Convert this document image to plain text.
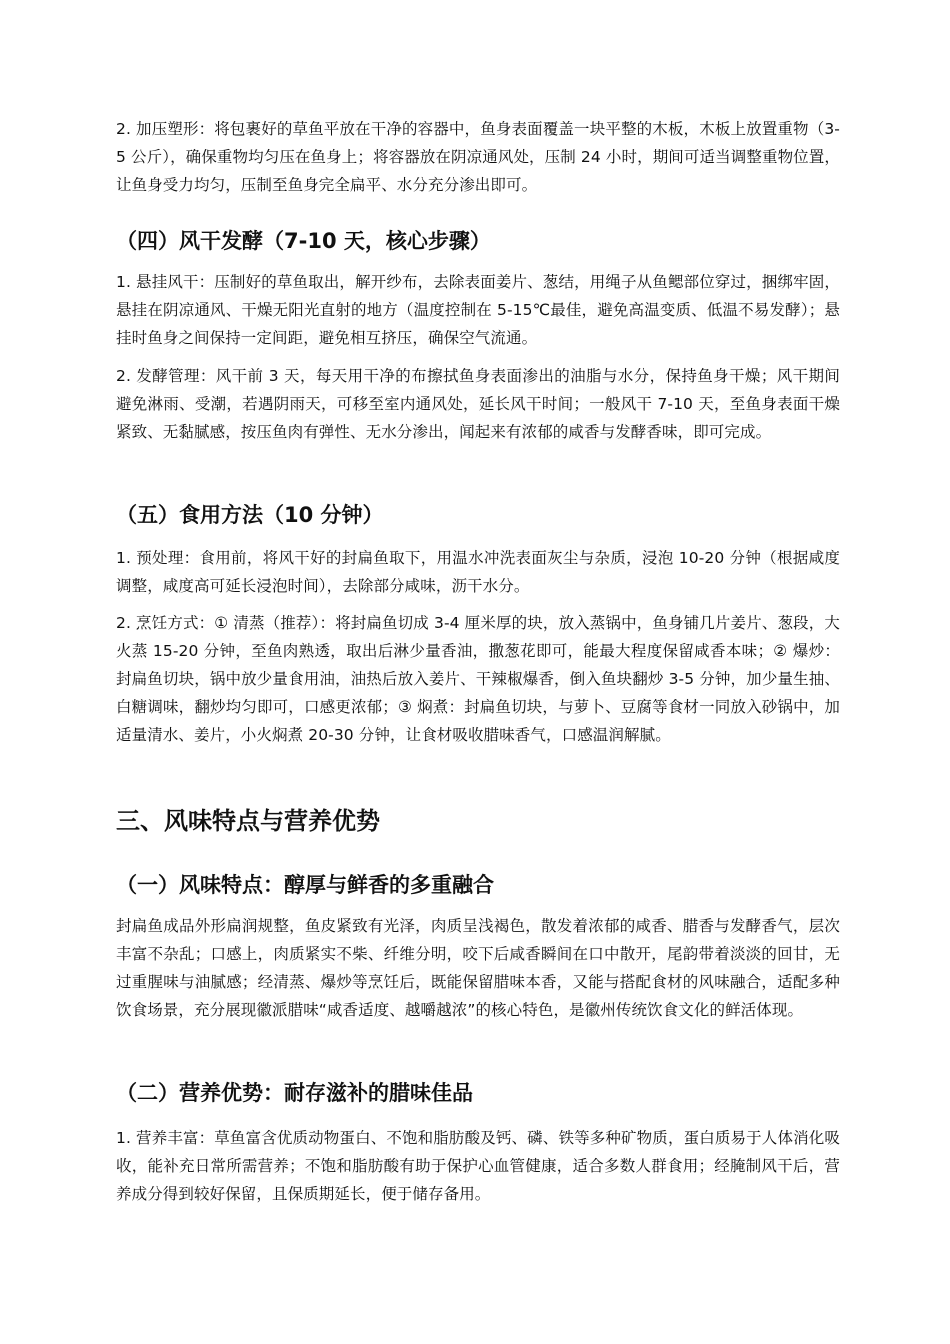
2. 加压塑形：将包裹好的草鱼平放在干净的容器中，鱼身表面覆盖一块平整的木板，木板上放置重物（3-5 公斤），确保重物均匀压在鱼身上；将容器放在阴凉通风处，压制 24 小时，期间可适当调整重物位置，让鱼身受力均匀，压制至鱼身完全扁平、水分充分渗出即可。

（四）风干发酵（7-10 天，核心步骤）

1. 悬挂风干：压制好的草鱼取出，解开纱布，去除表面姜片、葱结，用绳子从鱼鳃部位穿过，捆绑牢固，悬挂在阴凉通风、干燥无阳光直射的地方（温度控制在 5-15℃最佳，避免高温变质、低温不易发酵）；悬挂时鱼身之间保持一定间距，避免相互挤压，确保空气流通。

2. 发酵管理：风干前 3 天，每天用干净的布擦拭鱼身表面渗出的油脂与水分，保持鱼身干燥；风干期间避免淋雨、受潮，若遇阴雨天，可移至室内通风处，延长风干时间；一般风干 7-10 天，至鱼身表面干燥紧致、无黏腻感，按压鱼肉有弹性、无水分渗出，闻起来有浓郁的咸香与发酵香味，即可完成。

（五）食用方法（10 分钟）

1. 预处理：食用前，将风干好的封扁鱼取下，用温水冲洗表面灰尘与杂质，浸泡 10-20 分钟（根据咸度调整，咸度高可延长浸泡时间），去除部分咸味，沥干水分。

2. 烹饪方式：① 清蒸（推荐）：将封扁鱼切成 3-4 厘米厚的块，放入蒸锅中，鱼身铺几片姜片、葱段，大火蒸 15-20 分钟，至鱼肉熟透，取出后淋少量香油，撒葱花即可，能最大程度保留咸香本味；② 爆炒：封扁鱼切块，锅中放少量食用油，油热后放入姜片、干辣椒爆香，倒入鱼块翻炒 3-5 分钟，加少量生抽、白糖调味，翻炒均匀即可，口感更浓郁；③ 焖煮：封扁鱼切块，与萝卜、豆腐等食材一同放入砂锅中，加适量清水、姜片，小火焖煮 20-30 分钟，让食材吸收腊味香气，口感温润解腻。

三、风味特点与营养优势
（一）风味特点：醇厚与鲜香的多重融合

封扁鱼成品外形扁润规整，鱼皮紧致有光泽，肉质呈浅褐色，散发着浓郁的咸香、腊香与发酵香气，层次丰富不杂乱；口感上，肉质紧实不柴、纤维分明，咬下后咸香瞬间在口中散开，尾韵带着淡淡的回甘，无过重腥味与油腻感；经清蒸、爆炒等烹饪后，既能保留腊味本香，又能与搭配食材的风味融合，适配多种饮食场景，充分展现徽派腊味“咸香适度、越嚼越浓”的核心特色，是徽州传统饮食文化的鲜活体现。

（二）营养优势：耐存滋补的腊味佳品

1. 营养丰富：草鱼富含优质动物蛋白、不饱和脂肪酸及钙、磷、铁等多种矿物质，蛋白质易于人体消化吸收，能补充日常所需营养；不饱和脂肪酸有助于保护心血管健康，适合多数人群食用；经腌制风干后，营养成分得到较好保留，且保质期延长，便于储存备用。
